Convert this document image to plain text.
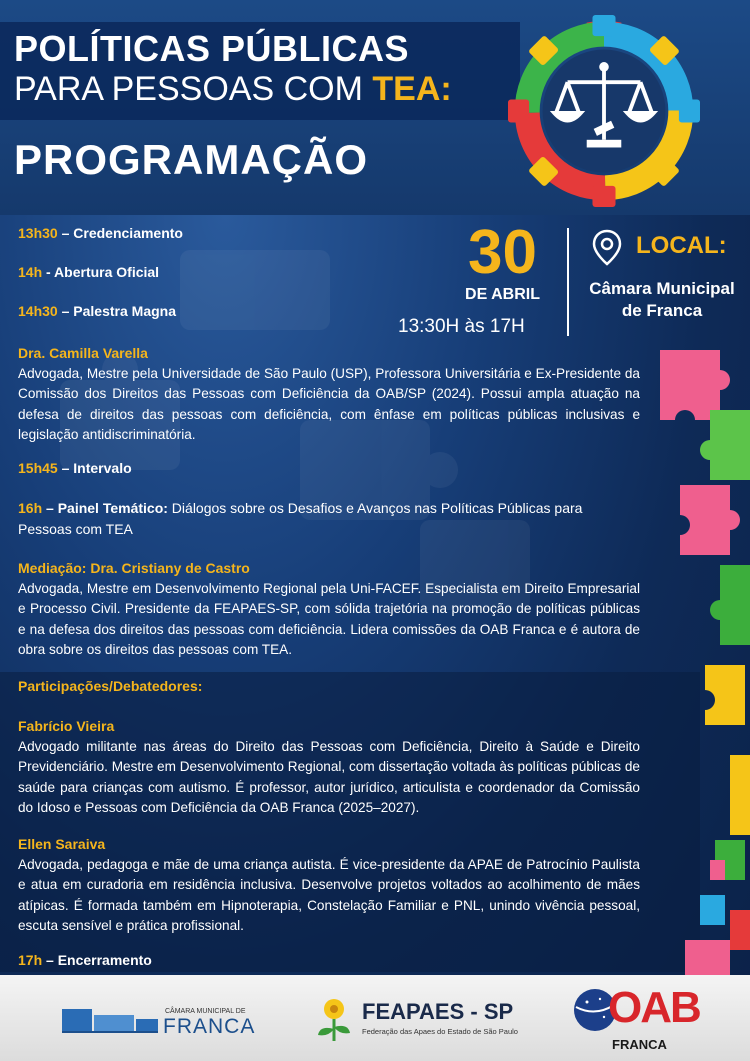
POLÍTICAS PÚBLICAS
PARA PESSOAS COM TEA:
PROGRAMAÇÃO
30
DE ABRIL
13:30H às 17H
LOCAL:
Câmara Municipal
de Franca
13h30 – Credenciamento
14h - Abertura Oficial
14h30 – Palestra Magna
Dra. Camilla Varella
Advogada, Mestre pela Universidade de São Paulo (USP), Professora Universitária e Ex-Presidente da Comissão dos Direitos das Pessoas com Deficiência da OAB/SP (2024). Possui ampla atuação na defesa de direitos das pessoas com deficiência, com ênfase em políticas públicas inclusivas e legislação antidiscriminatória.
15h45 – Intervalo
16h – Painel Temático: Diálogos sobre os Desafios e Avanços nas Políticas Públicas para Pessoas com TEA
Mediação: Dra. Cristiany de Castro
Advogada, Mestre em Desenvolvimento Regional pela Uni-FACEF. Especialista em Direito Empresarial e Processo Civil. Presidente da FEAPAES-SP, com sólida trajetória na promoção de políticas públicas e na defesa dos direitos das pessoas com deficiência. Lidera comissões da OAB Franca e é autora de obra sobre os direitos das pessoas com TEA.
Participações/Debatedores:
Fabrício Vieira
Advogado militante nas áreas do Direito das Pessoas com Deficiência, Direito à Saúde e Direito Previdenciário. Mestre em Desenvolvimento Regional, com dissertação voltada às políticas públicas de saúde para crianças com autismo. É professor, autor jurídico, articulista e coordenador da Comissão do Idoso e Pessoas com Deficiência da OAB Franca (2025–2027).
Ellen Saraiva
Advogada, pedagoga e mãe de uma criança autista. É vice-presidente da APAE de Patrocínio Paulista e atua em curadoria em residência inclusiva. Desenvolve projetos voltados ao acolhimento de mães atípicas. É formada também em Hipnoterapia, Constelação Familiar e PNL, unindo vivência pessoal, escuta sensível e prática profissional.
17h – Encerramento
CÂMARA MUNICIPAL DE
FRANCA
FEAPAES - SP
Federação das Apaes do Estado de São Paulo OAB
FRANCA
